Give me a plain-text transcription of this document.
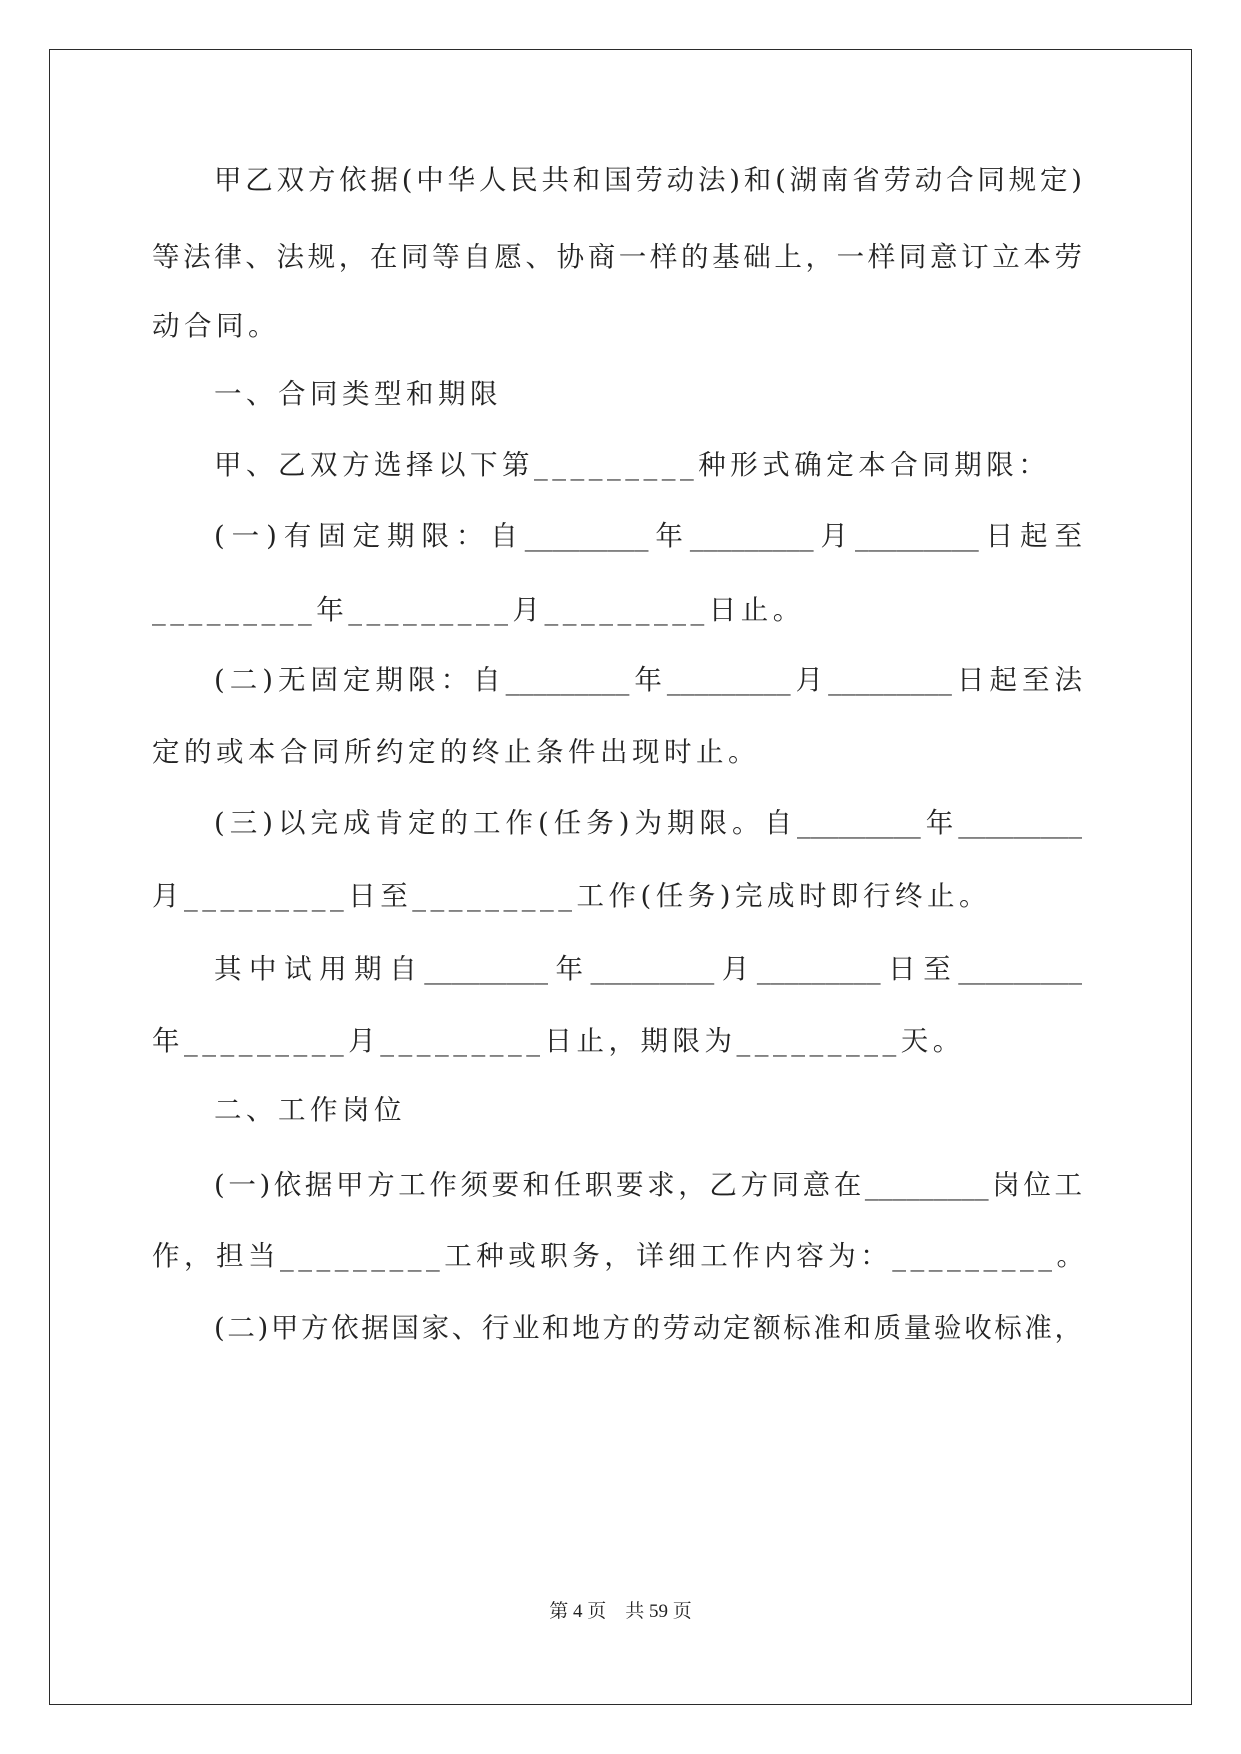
甲乙双方依据(中华人民共和国劳动法)和(湖南省劳动合同规定)
等法律、法规，在同等自愿、协商一样的基础上，一样同意订立本劳
动合同。
一、合同类型和期限
甲、乙双方选择以下第_________种形式确定本合同期限：
(一)有固定期限：自_________年_________月_________日起至
_________年_________月_________日止。
(二)无固定期限：自_________年_________月_________日起至法
定的或本合同所约定的终止条件出现时止。
(三)以完成肯定的工作(任务)为期限。自_________年_________
月_________日至_________工作(任务)完成时即行终止。
其中试用期自_________年_________月_________日至_________
年_________月_________日止，期限为_________天。
二、工作岗位
(一)依据甲方工作须要和任职要求，乙方同意在_________岗位工
作，担当_________工种或职务，详细工作内容为：_________。
(二)甲方依据国家、行业和地方的劳动定额标准和质量验收标准，
第 4 页　共 59 页
